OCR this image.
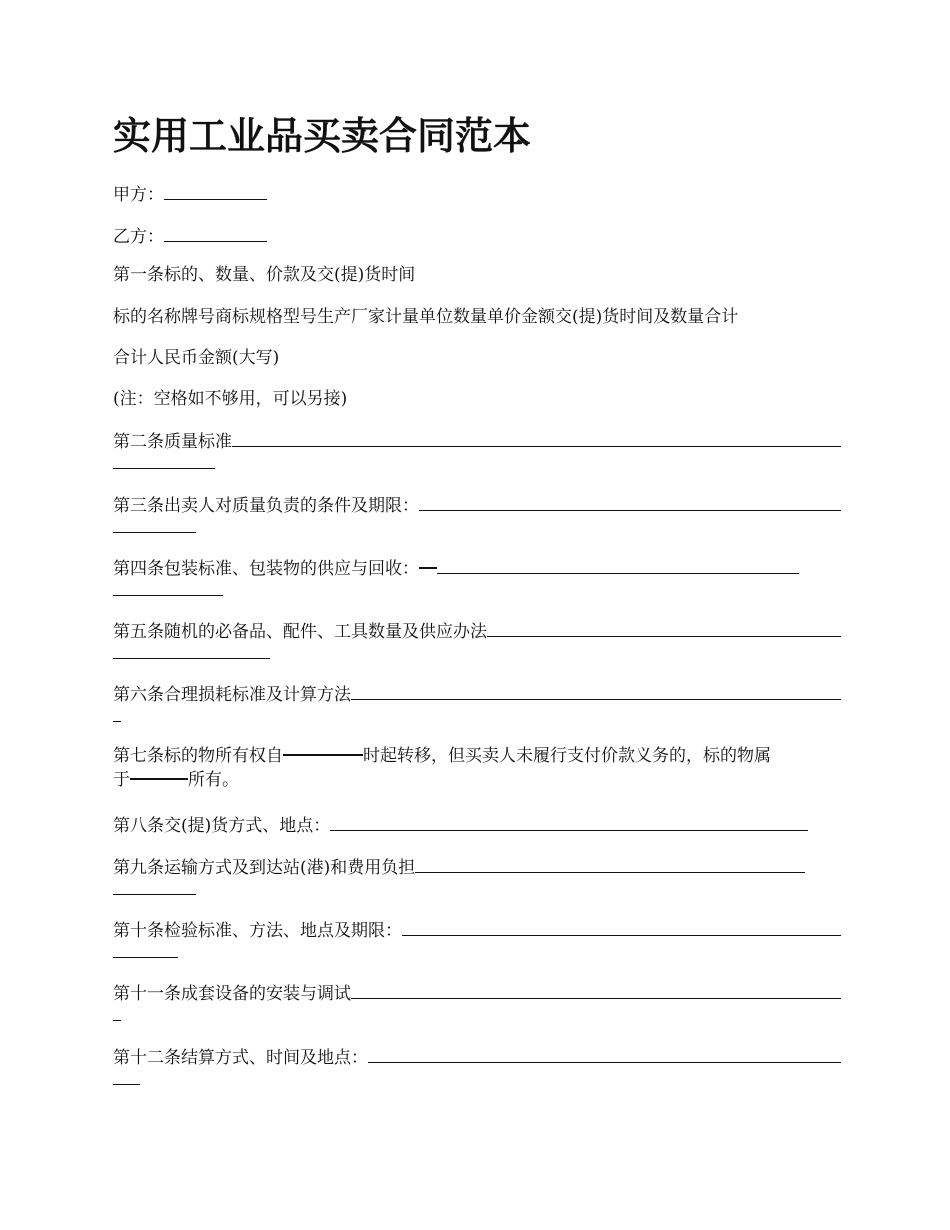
实用工业品买卖合同范本
甲方：
乙方：
第一条标的、数量、价款及交(提)货时间
标的名称牌号商标规格型号生产厂家计量单位数量单价金额交(提)货时间及数量合计
合计人民币金额(大写)
(注：空格如不够用，可以另接)
第二条质量标准
第三条出卖人对质量负责的条件及期限：
第四条包装标准、包装物的供应与回收：
第五条随机的必备品、配件、工具数量及供应办法
第六条合理损耗标准及计算方法
第七条标的物所有权自	时起转移，但买卖人未履行支付价款义务的，标的物属
于	所有。
第八条交(提)货方式、地点：
第九条运输方式及到达站(港)和费用负担
第十条检验标准、方法、地点及期限：
第十一条成套设备的安装与调试
第十二条结算方式、时间及地点：
